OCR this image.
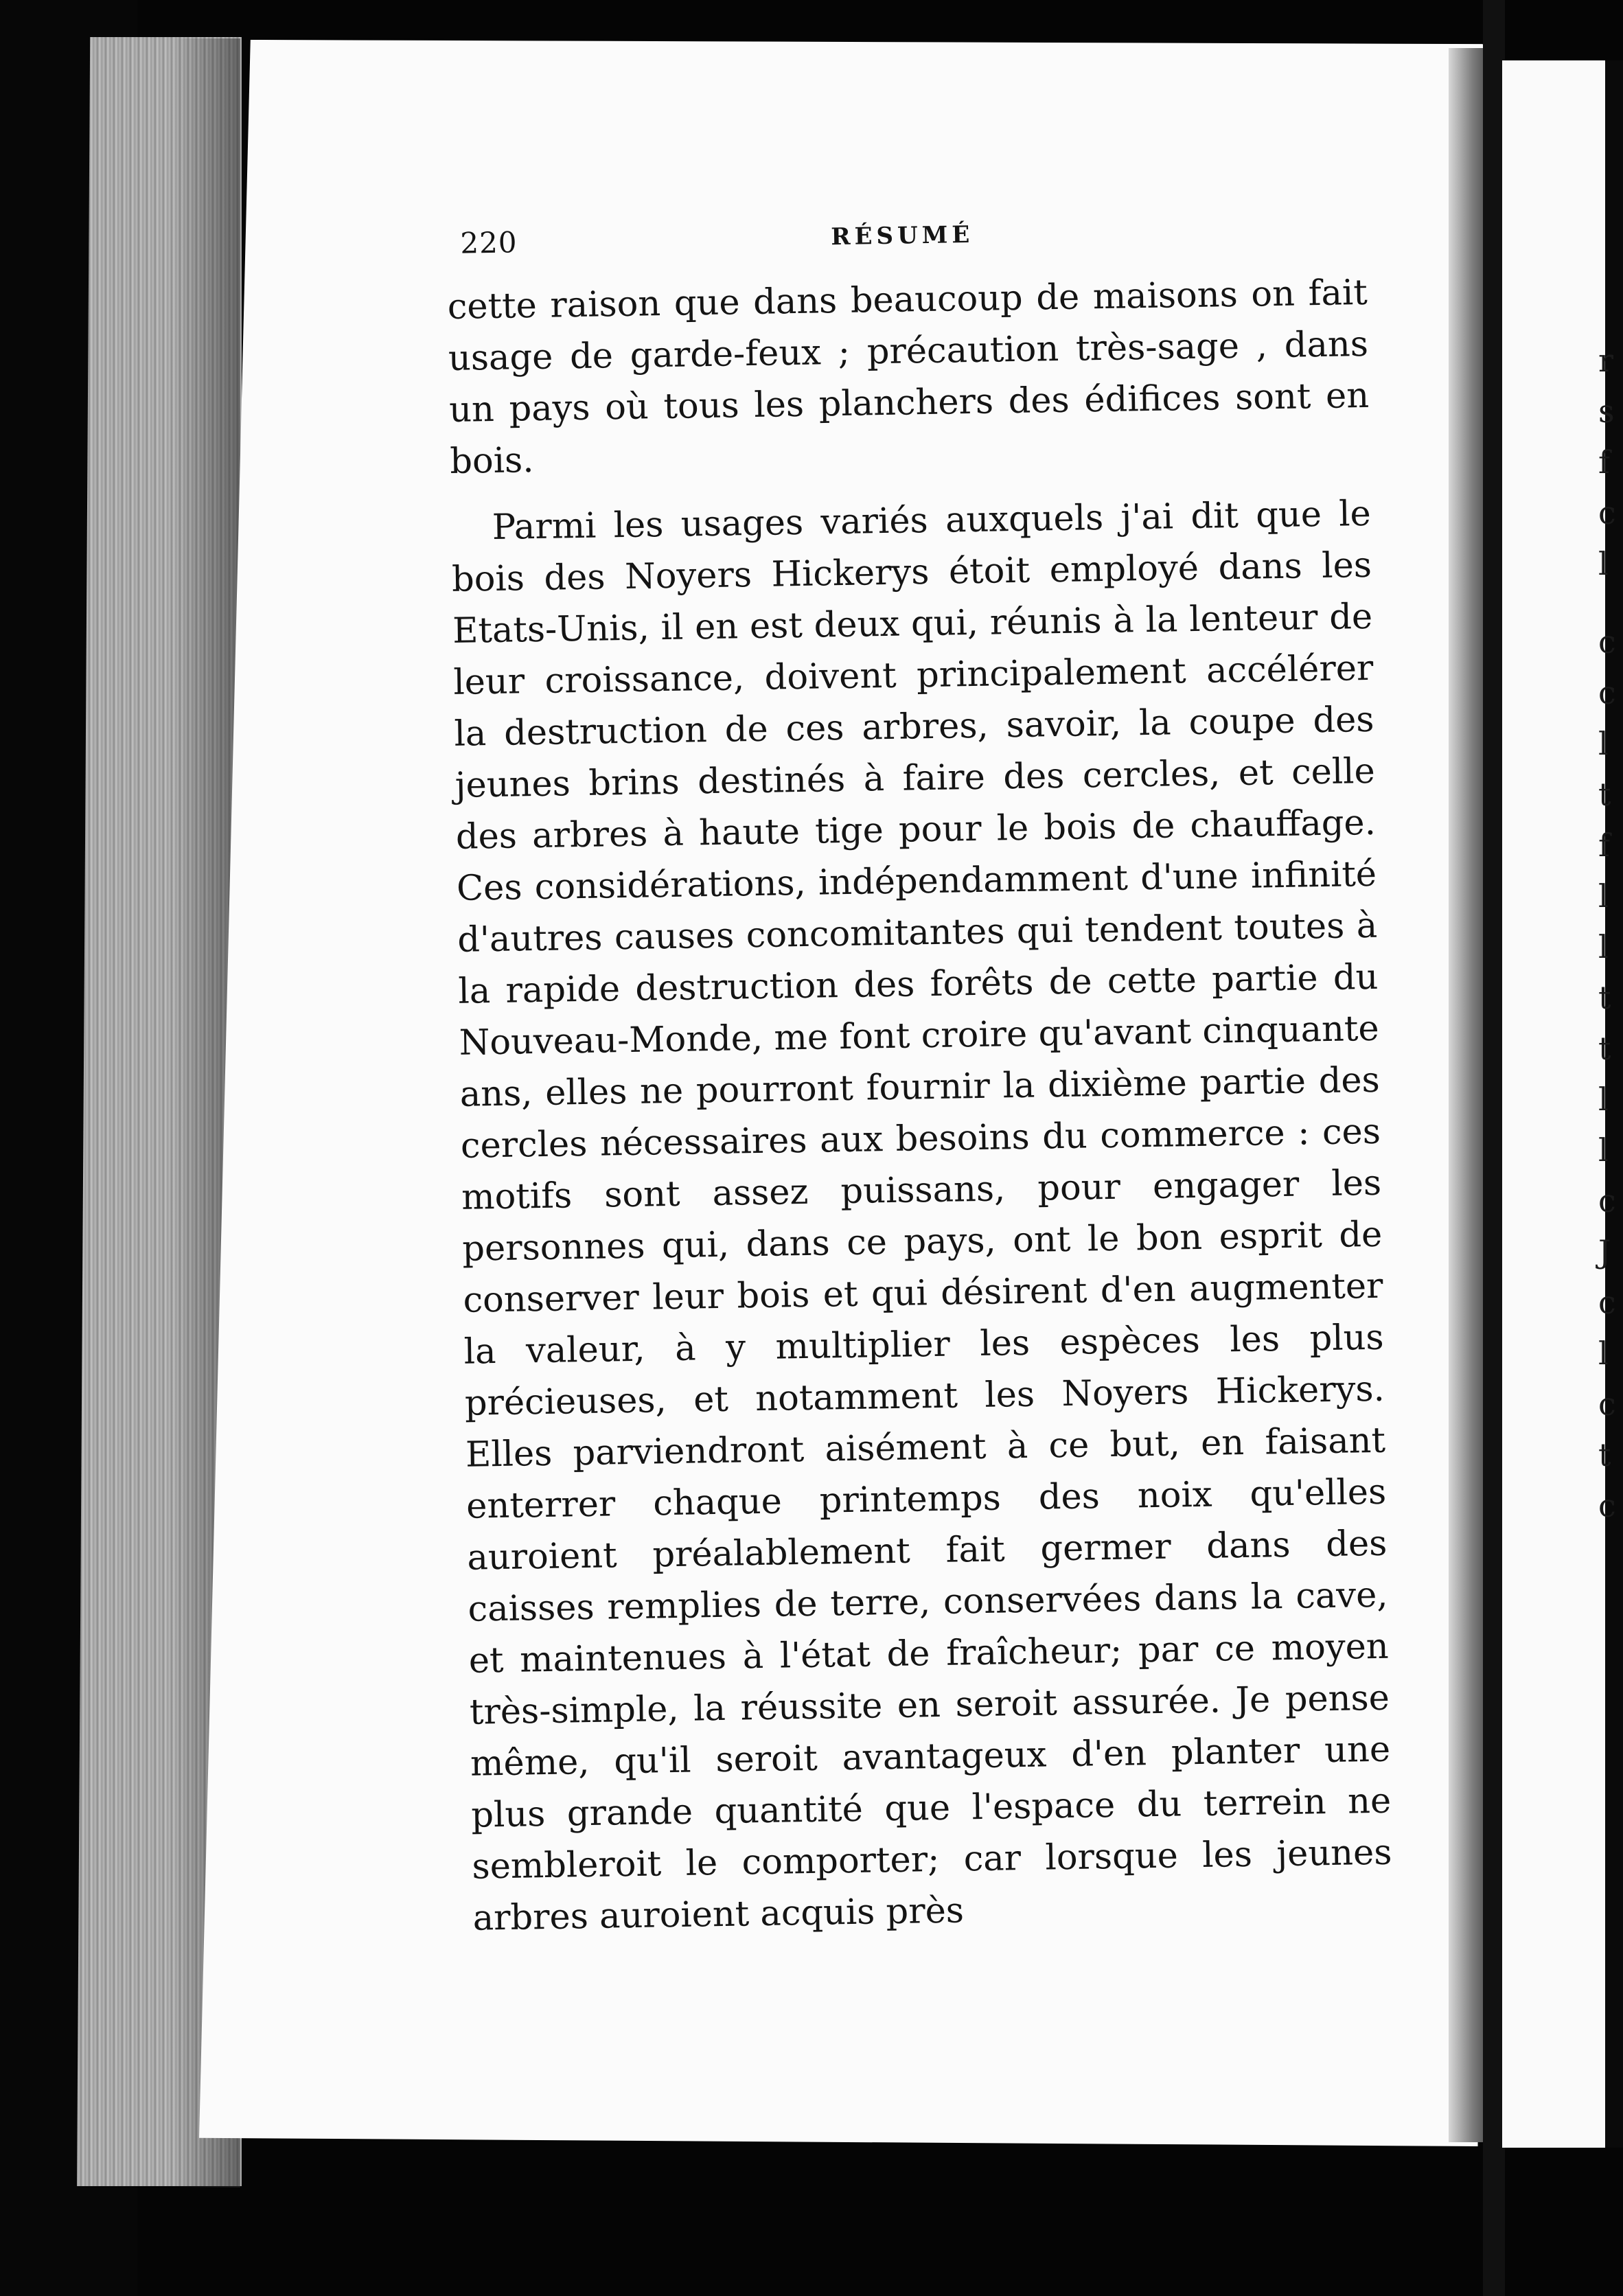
r
s
f
c
l
c
c
l
t
f
l
l
t
t
l
l
c
J
c
l
c
t
c
220	RÉSUMÉ

cette raison que dans beaucoup de maisons on fait usage de garde-feux ; précaution très-sage , dans un pays où tous les planchers des édifices sont en bois.

Parmi les usages variés auxquels j'ai dit que le bois des Noyers Hickerys étoit employé dans les Etats-Unis, il en est deux qui, réunis à la lenteur de leur croissance, doivent principalement accélérer la destruction de ces arbres, savoir, la coupe des jeunes brins destinés à faire des cercles, et celle des arbres à haute tige pour le bois de chauffage. Ces considérations, indépendamment d'une infinité d'autres causes concomitantes qui tendent toutes à la rapide destruction des forêts de cette partie du Nouveau-Monde, me font croire qu'avant cinquante ans, elles ne pourront fournir la dixième partie des cercles nécessaires aux besoins du commerce : ces motifs sont assez puissans, pour engager les personnes qui, dans ce pays, ont le bon esprit de conserver leur bois et qui désirent d'en augmenter la valeur, à y multiplier les espèces les plus précieuses, et notamment les Noyers Hickerys. Elles parviendront aisément à ce but, en faisant enterrer chaque printemps des noix qu'elles auroient préalablement fait germer dans des caisses remplies de terre, conservées dans la cave, et maintenues à l'état de fraîcheur; par ce moyen très-simple, la réussite en seroit assurée. Je pense même, qu'il seroit avantageux d'en planter une plus grande quantité que l'espace du terrein ne sembleroit le comporter; car lorsque les jeunes arbres auroient acquis près
